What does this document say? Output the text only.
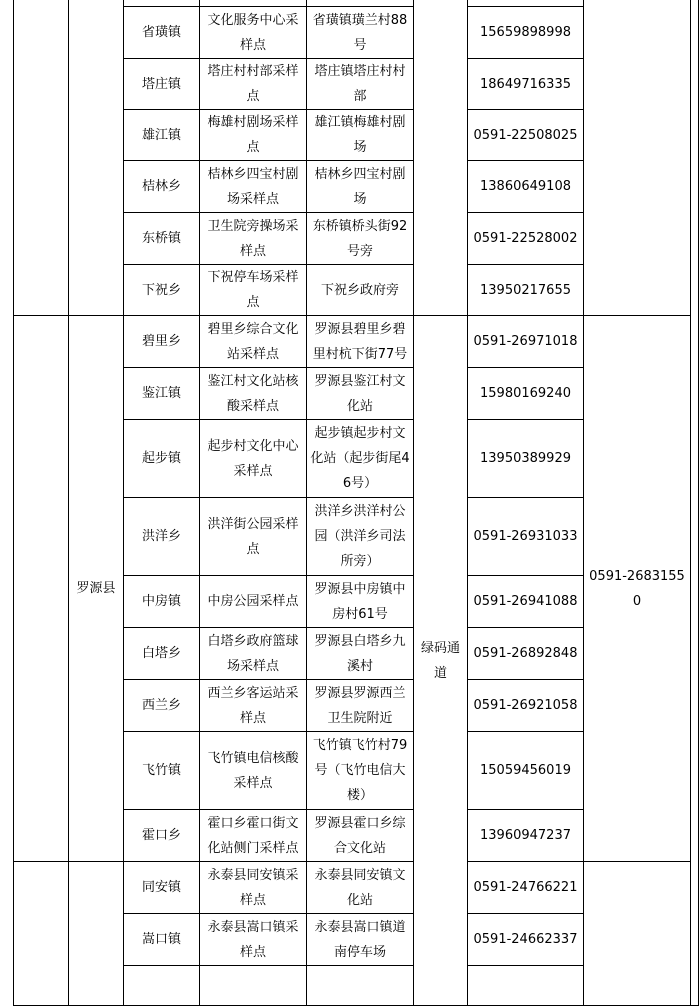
		省璜镇	文化服务中心采样点	省璜镇璜兰村88号		15659898998		
		塔庄镇	塔庄村村部采样点	塔庄镇塔庄村村部		18649716335		
		雄江镇	梅雄村剧场采样点	雄江镇梅雄村剧场		0591-22508025		
		桔林乡	桔林乡四宝村剧场采样点	桔林乡四宝村剧场		13860649108		
		东桥镇	卫生院旁操场采样点	东桥镇桥头街92号旁		0591-22528002		
		下祝乡	下祝停车场采样点	下祝乡政府旁		13950217655		
	罗源县	碧里乡	碧里乡综合文化站采样点	罗源县碧里乡碧里村杭下街77号	绿码通道	0591-26971018	0591-26831550	
		鉴江镇	鉴江村文化站核酸采样点	罗源县鉴江村文化站		15980169240		
		起步镇	起步村文化中心采样点	起步镇起步村文化站（起步街尾46号）		13950389929		
		洪洋乡	洪洋街公园采样点	洪洋乡洪洋村公园（洪洋乡司法所旁）		0591-26931033		
		中房镇	中房公园采样点	罗源县中房镇中房村61号		0591-26941088		
		白塔乡	白塔乡政府篮球场采样点	罗源县白塔乡九溪村		0591-26892848		
		西兰乡	西兰乡客运站采样点	罗源县罗源西兰卫生院附近		0591-26921058		
		飞竹镇	飞竹镇电信核酸采样点	飞竹镇飞竹村79号（飞竹电信大楼）		15059456019		
		霍口乡	霍口乡霍口街文化站侧门采样点	罗源县霍口乡综合文化站		13960947237		
		同安镇	永泰县同安镇采样点	永泰县同安镇文化站		0591-24766221		
		嵩口镇	永泰县嵩口镇采样点	永泰县嵩口镇道南停车场		0591-24662337		
